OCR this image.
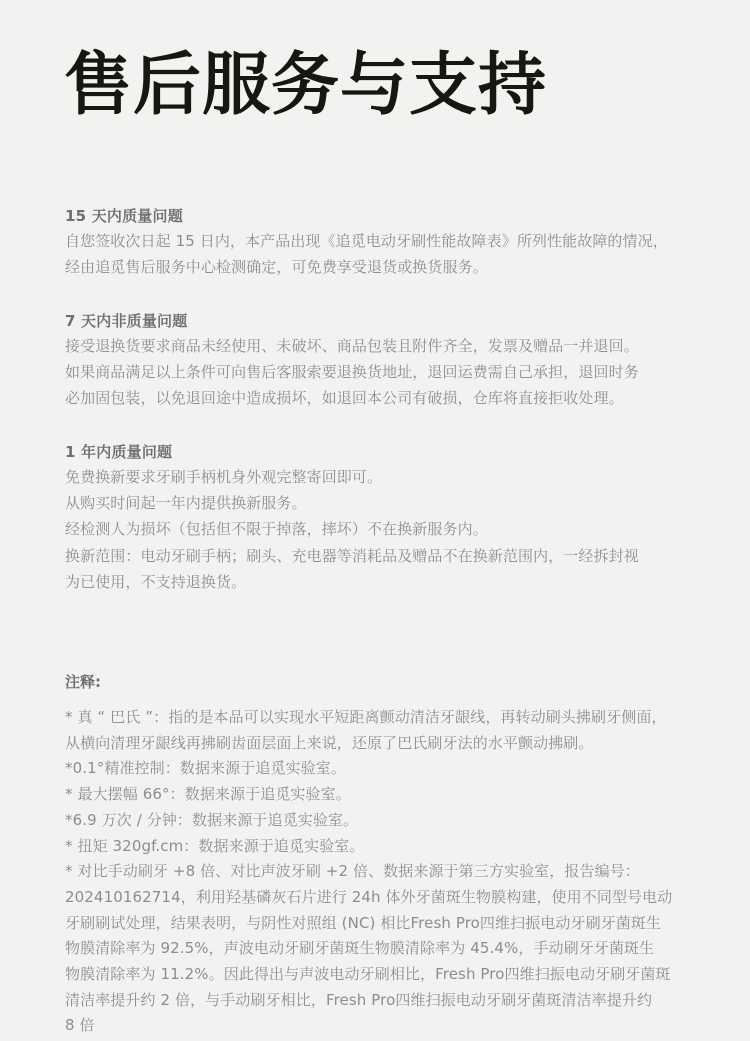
售后服务与支持
15 天内质量问题

自您签收次日起 15 日内，本产品出现《追觅电动牙刷性能故障表》所列性能故障的情况，

经由追觅售后服务中心检测确定，可免费享受退货或换货服务。

7 天内非质量问题

接受退换货要求商品未经使用、未破坏、商品包装且附件齐全，发票及赠品一并退回。

如果商品满足以上条件可向售后客服索要退换货地址，退回运费需自己承担，退回时务

必加固包装，以免退回途中造成损坏，如退回本公司有破损，仓库将直接拒收处理。

1 年内质量问题

免费换新要求牙刷手柄机身外观完整寄回即可。

从购买时间起一年内提供换新服务。

经检测人为损坏（包括但不限于掉落，摔坏）不在换新服务内。

换新范围：电动牙刷手柄；刷头、充电器等消耗品及赠品不在换新范围内，一经拆封视

为已使用，不支持退换货。

注释:

* 真 “ 巴氏 ”：指的是本品可以实现水平短距离颤动清洁牙龈线，再转动刷头拂刷牙侧面，

从横向清理牙龈线再拂刷齿面层面上来说，还原了巴氏刷牙法的水平颤动拂刷。

*0.1°精准控制：数据来源于追觅实验室。

* 最大摆幅 66°：数据来源于追觅实验室。

*6.9 万次 / 分钟：数据来源于追觅实验室。

* 扭矩 320gf.cm：数据来源于追觅实验室。

* 对比手动刷牙 +8 倍、对比声波牙刷 +2 倍、数据来源于第三方实验室，报告编号：

202410162714，利用羟基磷灰石片进行 24h 体外牙菌斑生物膜构建，使用不同型号电动

牙刷刷试处理，结果表明，与阴性对照组 (NC) 相比Fresh Pro四维扫振电动牙刷牙菌斑生

物膜清除率为 92.5%，声波电动牙刷牙菌斑生物膜清除率为 45.4%，手动刷牙牙菌斑生

物膜清除率为 11.2%。因此得出与声波电动牙刷相比，Fresh Pro四维扫振电动牙刷牙菌斑

清洁率提升约 2 倍，与手动刷牙相比，Fresh Pro四维扫振电动牙刷牙菌斑清洁率提升约

8 倍
